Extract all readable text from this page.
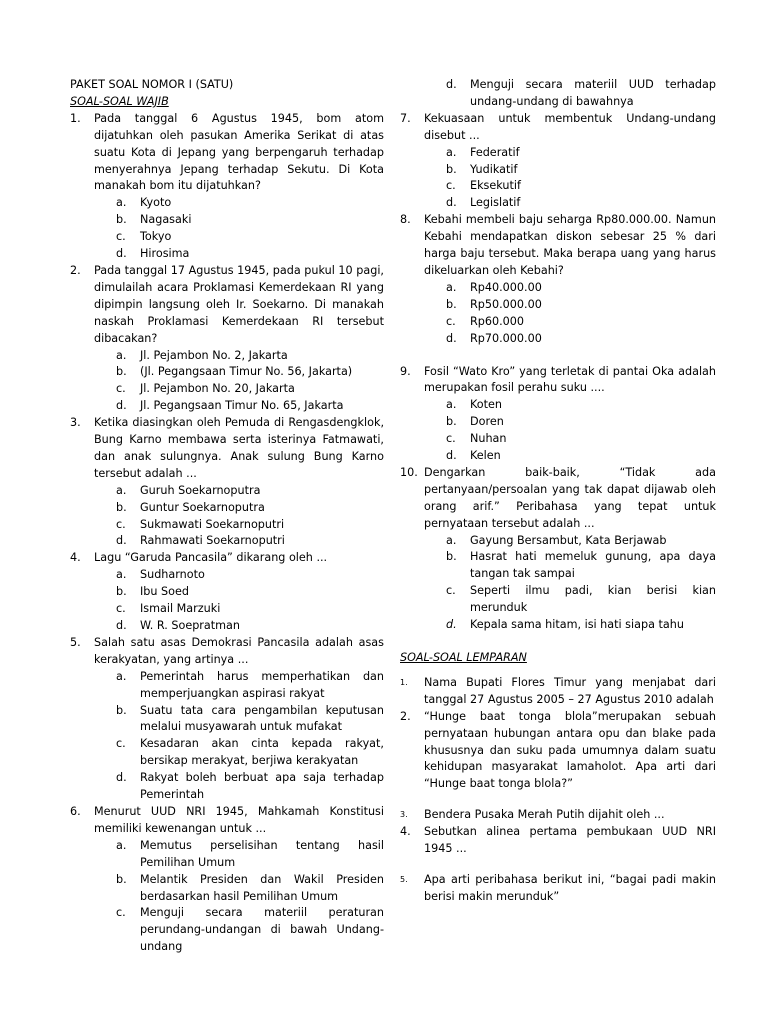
PAKET SOAL NOMOR I (SATU)
SOAL-SOAL WAJIB
1. Pada tanggal 6 Agustus 1945, bom atom dijatuhkan oleh pasukan Amerika Serikat di atas suatu Kota di Jepang yang berpengaruh terhadap menyerahnya Jepang terhadap Sekutu. Di Kota manakah bom itu dijatuhkan?
a. Kyoto
b. Nagasaki
c. Tokyo
d. Hirosima
2. Pada tanggal 17 Agustus 1945, pada pukul 10 pagi, dimulailah acara Proklamasi Kemerdekaan RI yang dipimpin langsung oleh Ir. Soekarno. Di manakah naskah Proklamasi Kemerdekaan RI tersebut dibacakan?
a. Jl. Pejambon No. 2, Jakarta
b. (Jl. Pegangsaan Timur No. 56, Jakarta)
c. Jl. Pejambon No. 20, Jakarta
d. Jl. Pegangsaan Timur No. 65, Jakarta
3. Ketika diasingkan oleh Pemuda di Rengasdengklok, Bung Karno membawa serta isterinya Fatmawati, dan anak sulungnya. Anak sulung Bung Karno tersebut adalah ...
a. Guruh Soekarnoputra
b. Guntur Soekarnoputra
c. Sukmawati Soekarnoputri
d. Rahmawati Soekarnoputri
4. Lagu “Garuda Pancasila” dikarang oleh ...
a. Sudharnoto
b. Ibu Soed
c. Ismail Marzuki
d. W. R. Soepratman
5. Salah satu asas Demokrasi Pancasila adalah asas kerakyatan, yang artinya ...
a. Pemerintah harus memperhatikan dan memperjuangkan aspirasi rakyat
b. Suatu tata cara pengambilan keputusan melalui musyawarah untuk mufakat
c. Kesadaran akan cinta kepada rakyat, bersikap merakyat, berjiwa kerakyatan
d. Rakyat boleh berbuat apa saja terhadap Pemerintah
6. Menurut UUD NRI 1945, Mahkamah Konstitusi memiliki kewenangan untuk ...
a. Memutus perselisihan tentang hasil Pemilihan Umum
b. Melantik Presiden dan Wakil Presiden berdasarkan hasil Pemilihan Umum
c. Menguji secara materiil peraturan perundang-undangan di bawah Undang-undang
d. Menguji secara materiil UUD terhadap undang-undang di bawahnya
7. Kekuasaan untuk membentuk Undang-undang disebut ...
a. Federatif
b. Yudikatif
c. Eksekutif
d. Legislatif
8. Kebahi membeli baju seharga Rp80.000.00. Namun Kebahi mendapatkan diskon sebesar 25 % dari harga baju tersebut. Maka berapa uang yang harus dikeluarkan oleh Kebahi?
a. Rp40.000.00
b. Rp50.000.00
c. Rp60.000
d. Rp70.000.00
9. Fosil “Wato Kro” yang terletak di pantai Oka adalah merupakan fosil perahu suku ....
a. Koten
b. Doren
c. Nuhan
d. Kelen
10. Dengarkan baik-baik, “Tidak ada pertanyaan/persoalan yang tak dapat dijawab oleh orang arif.” Peribahasa yang tepat untuk pernyataan tersebut adalah ...
a. Gayung Bersambut, Kata Berjawab
b. Hasrat hati memeluk gunung, apa daya tangan tak sampai
c. Seperti ilmu padi, kian berisi kian merunduk
d. Kepala sama hitam, isi hati siapa tahu
SOAL-SOAL LEMPARAN
1. Nama Bupati Flores Timur yang menjabat dari tanggal 27 Agustus 2005 – 27 Agustus 2010 adalah
2. “Hunge baat tonga blola”merupakan sebuah pernyataan hubungan antara opu dan blake pada khususnya dan suku pada umumnya dalam suatu kehidupan masyarakat lamaholot. Apa arti dari “Hunge baat tonga blola?”
3. Bendera Pusaka Merah Putih dijahit oleh ...
4. Sebutkan alinea pertama pembukaan UUD NRI 1945 ...
5. Apa arti peribahasa berikut ini, “bagai padi makin berisi makin merunduk”
